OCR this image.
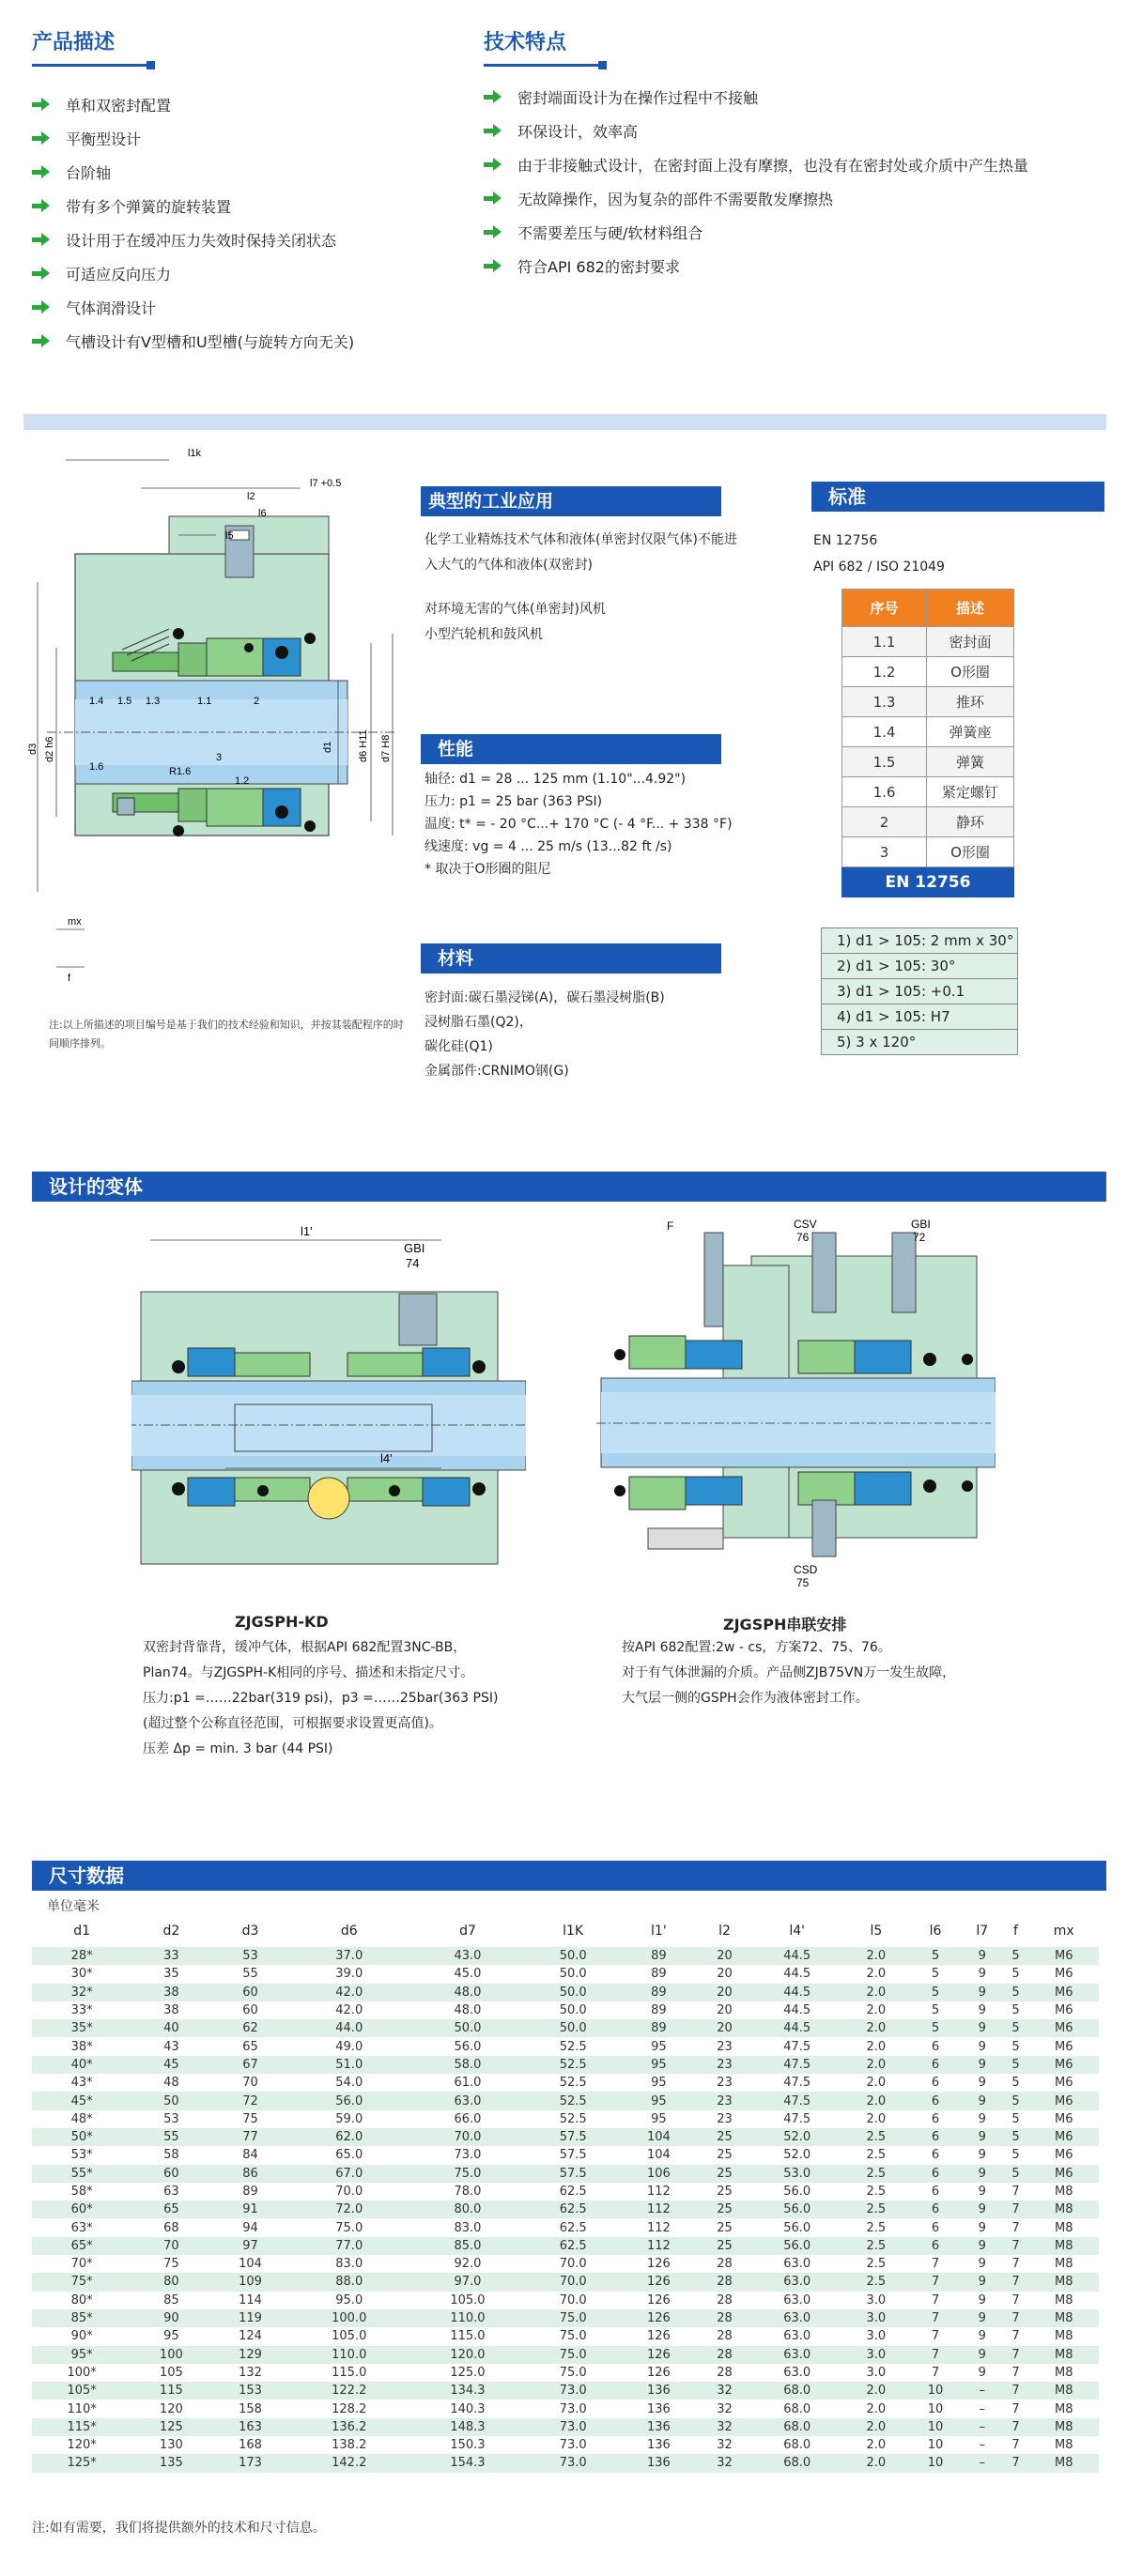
产品描述
单和双密封配置
平衡型设计
台阶轴
带有多个弹簧的旋转装置
设计用于在缓冲压力失效时保持关闭状态
可适应反向压力
气体润滑设计
气槽设计有V型槽和U型槽(与旋转方向无关)
技术特点
密封端面设计为在操作过程中不接触
环保设计，效率高
由于非接触式设计，在密封面上没有摩擦，也没有在密封处或介质中产生热量
无故障操作，因为复杂的部件不需要散发摩擦热
不需要差压与硬/软材料组合
符合API 682的密封要求
l1k
l2
l7 +0.5
l6
l5
d3 d2 h6	d1 d6 H11 d7 H8
1.4 1.5 1.3	1.1	2
1.6	R1.6
3
1.2
mx
f
注:以上所描述的项目编号是基于我们的技术经验和知识，并按其装配程序的时间顺序排列。
典型的工业应用
化学工业精炼技术气体和液体(单密封仅限气体)不能进
入大气的气体和液体(双密封)
对环境无害的气体(单密封)风机
小型汽轮机和鼓风机
性能
轴径: d1 = 28 ... 125 mm (1.10"...4.92")
压力: p1 = 25 bar (363 PSI)
温度: t* = - 20 °C...+ 170 °C (- 4 °F... + 338 °F)
线速度: vg = 4 ... 25 m/s (13...82 ft /s)
* 取决于O形圈的阻尼
材料
密封面:碳石墨浸锑(A)，碳石墨浸树脂(B)
浸树脂石墨(Q2)，
碳化硅(Q1)
金属部件:CRNIMO钢(G)
标准
EN 12756
API 682 / ISO 21049
序号	描述
1.1	密封面
1.2	O形圈
1.3	推环
1.4	弹簧座
1.5	弹簧
1.6	紧定螺钉
2	静环
3	O形圈
EN 12756
1) d1 > 105: 2 mm x 30°
2) d1 > 105: 30°
3) d1 > 105: +0.1
4) d1 > 105: H7
5) 3 x 120°
设计的变体
l1'
GBI
74
l4'
ZJGSPH-KD
双密封背靠背，缓冲气体，根据API 682配置3NC-BB，
Plan74。与ZJGSPH-K相同的序号、描述和未指定尺寸。
压力:p1 =……22bar(319 psi)，p3 =……25bar(363 PSI)
(超过整个公称直径范围，可根据要求设置更高值)。
压差 Δp = min. 3 bar (44 PSI)
F	CSV
76
GBI
72
CSD
75
ZJGSPH串联安排
按API 682配置:2w - cs，方案72、75、76。
对于有气体泄漏的介质。产品侧ZJB75VN万一发生故障，
大气层一侧的GSPH会作为液体密封工作。
尺寸数据
单位毫米
d1	d2	d3	d6	d7	l1K	l1'	l2	l4'	l5	l6	l7	f	mx
28*	33	53	37.0	43.0	50.0	89	20	44.5	2.0	5	9	5	M6
30*	35	55	39.0	45.0	50.0	89	20	44.5	2.0	5	9	5	M6
32*	38	60	42.0	48.0	50.0	89	20	44.5	2.0	5	9	5	M6
33*	38	60	42.0	48.0	50.0	89	20	44.5	2.0	5	9	5	M6
35*	40	62	44.0	50.0	50.0	89	20	44.5	2.0	5	9	5	M6
38*	43	65	49.0	56.0	52.5	95	23	47.5	2.0	6	9	5	M6
40*	45	67	51.0	58.0	52.5	95	23	47.5	2.0	6	9	5	M6
43*	48	70	54.0	61.0	52.5	95	23	47.5	2.0	6	9	5	M6
45*	50	72	56.0	63.0	52.5	95	23	47.5	2.0	6	9	5	M6
48*	53	75	59.0	66.0	52.5	95	23	47.5	2.0	6	9	5	M6
50*	55	77	62.0	70.0	57.5	104	25	52.0	2.5	6	9	5	M6
53*	58	84	65.0	73.0	57.5	104	25	52.0	2.5	6	9	5	M6
55*	60	86	67.0	75.0	57.5	106	25	53.0	2.5	6	9	5	M6
58*	63	89	70.0	78.0	62.5	112	25	56.0	2.5	6	9	7	M8
60*	65	91	72.0	80.0	62.5	112	25	56.0	2.5	6	9	7	M8
63*	68	94	75.0	83.0	62.5	112	25	56.0	2.5	6	9	7	M8
65*	70	97	77.0	85.0	62.5	112	25	56.0	2.5	6	9	7	M8
70*	75	104	83.0	92.0	70.0	126	28	63.0	2.5	7	9	7	M8
75*	80	109	88.0	97.0	70.0	126	28	63.0	2.5	7	9	7	M8
80*	85	114	95.0	105.0	70.0	126	28	63.0	3.0	7	9	7	M8
85*	90	119	100.0	110.0	75.0	126	28	63.0	3.0	7	9	7	M8
90*	95	124	105.0	115.0	75.0	126	28	63.0	3.0	7	9	7	M8
95*	100	129	110.0	120.0	75.0	126	28	63.0	3.0	7	9	7	M8
100*	105	132	115.0	125.0	75.0	126	28	63.0	3.0	7	9	7	M8
105*	115	153	122.2	134.3	73.0	136	32	68.0	2.0	10	–	7	M8
110*	120	158	128.2	140.3	73.0	136	32	68.0	2.0	10	–	7	M8
115*	125	163	136.2	148.3	73.0	136	32	68.0	2.0	10	–	7	M8
120*	130	168	138.2	150.3	73.0	136	32	68.0	2.0	10	–	7	M8
125*	135	173	142.2	154.3	73.0	136	32	68.0	2.0	10	–	7	M8
注:如有需要，我们将提供额外的技术和尺寸信息。
